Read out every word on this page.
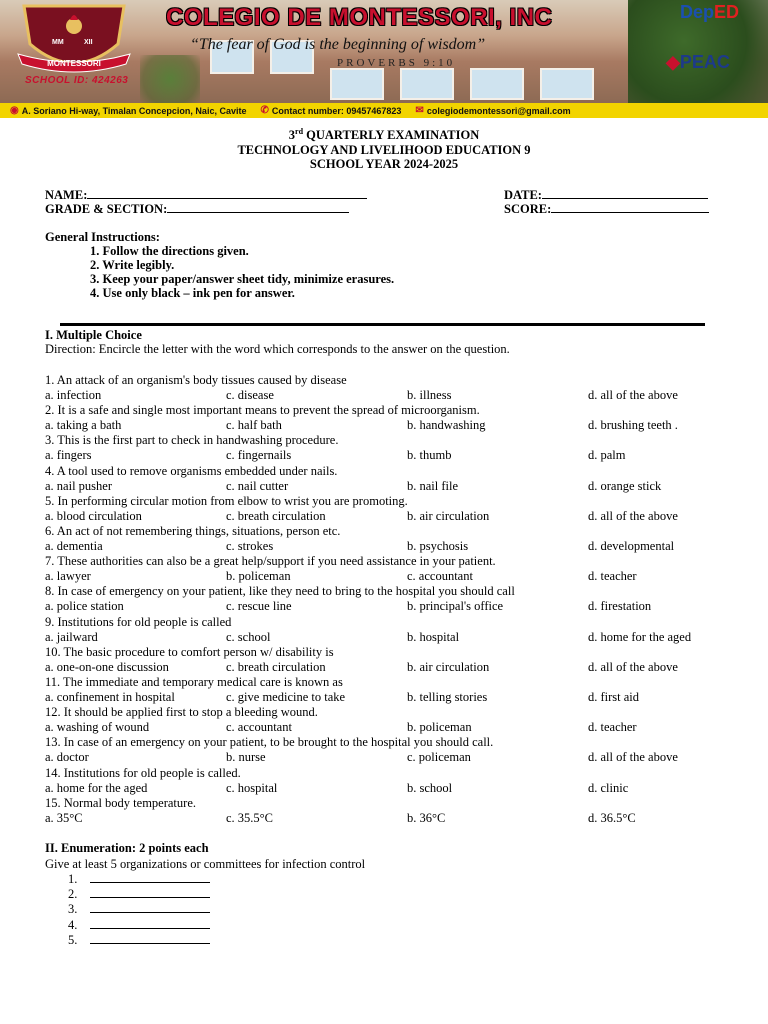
MM	XII
MONTESSORI
SCHOOL ID: 424263
COLEGIO DE MONTESSORI, INC
“The fear of God is the beginning of wisdom”
PROVERBS 9:10
DepED
◆PEAC
◉ A. Soriano Hi-way, Timalan Concepcion, Naic, Cavite ✆ Contact number: 09457467823 ✉ colegiodemontessori@gmail.com
3rd QUARTERLY EXAMINATION
TECHNOLOGY AND LIVELIHOOD EDUCATION 9
SCHOOL YEAR 2024-2025
NAME:
GRADE & SECTION:
DATE:
SCORE:
General Instructions:
1. Follow the directions given.
2. Write legibly.
3. Keep your paper/answer sheet tidy, minimize erasures.
4. Use only black – ink pen for answer.
I. Multiple Choice
Direction: Encircle the letter with the word which corresponds to the answer on the question.
1. An attack of an organism's body tissues caused by disease
a. infection	c. disease	b. illness	d. all of the above
2. It is a safe and single most important means to prevent the spread of microorganism.
a. taking a bath	c. half bath	b. handwashing	d. brushing teeth .
3. This is the first part to check in handwashing procedure.
a. fingers	c. fingernails	b. thumb	d. palm
4. A tool used to remove organisms embedded under nails.
a. nail pusher	c. nail cutter	b. nail file	d. orange stick
5. In performing circular motion from elbow to wrist you are promoting.
a. blood circulation	c. breath circulation	b. air circulation	d. all of the above
6. An act of not remembering things, situations, person etc.
a. dementia	c. strokes	b. psychosis	d. developmental
7. These authorities can also be a great help/support if you need assistance in your patient.
a. lawyer	b. policeman	c. accountant	d. teacher
8. In case of emergency on your patient, like they need to bring to the hospital you should call
a. police station	c. rescue line	b. principal's office	d. firestation
9. Institutions for old people is called
a. jailward	c. school	b. hospital	d. home for the aged
10. The basic procedure to comfort person w/ disability is
a. one-on-one discussion	c. breath circulation	b. air circulation	d. all of the above
11. The immediate and temporary medical care is known as
a. confinement in hospital	c. give medicine to take	b. telling stories	d. first aid
12. It should be applied first to stop a bleeding wound.
a. washing of wound	c. accountant	b. policeman	d. teacher
13. In case of an emergency on your patient, to be brought to the hospital you should call.
a. doctor	b. nurse	c. policeman	d. all of the above
14. Institutions for old people is called.
a. home for the aged	c. hospital	b. school	d. clinic
15. Normal body temperature.
a. 35°C	c. 35.5°C	b. 36°C	d. 36.5°C
II. Enumeration: 2 points each
Give at least 5 organizations or committees for infection control
1.
2.
3.
4.
5.
